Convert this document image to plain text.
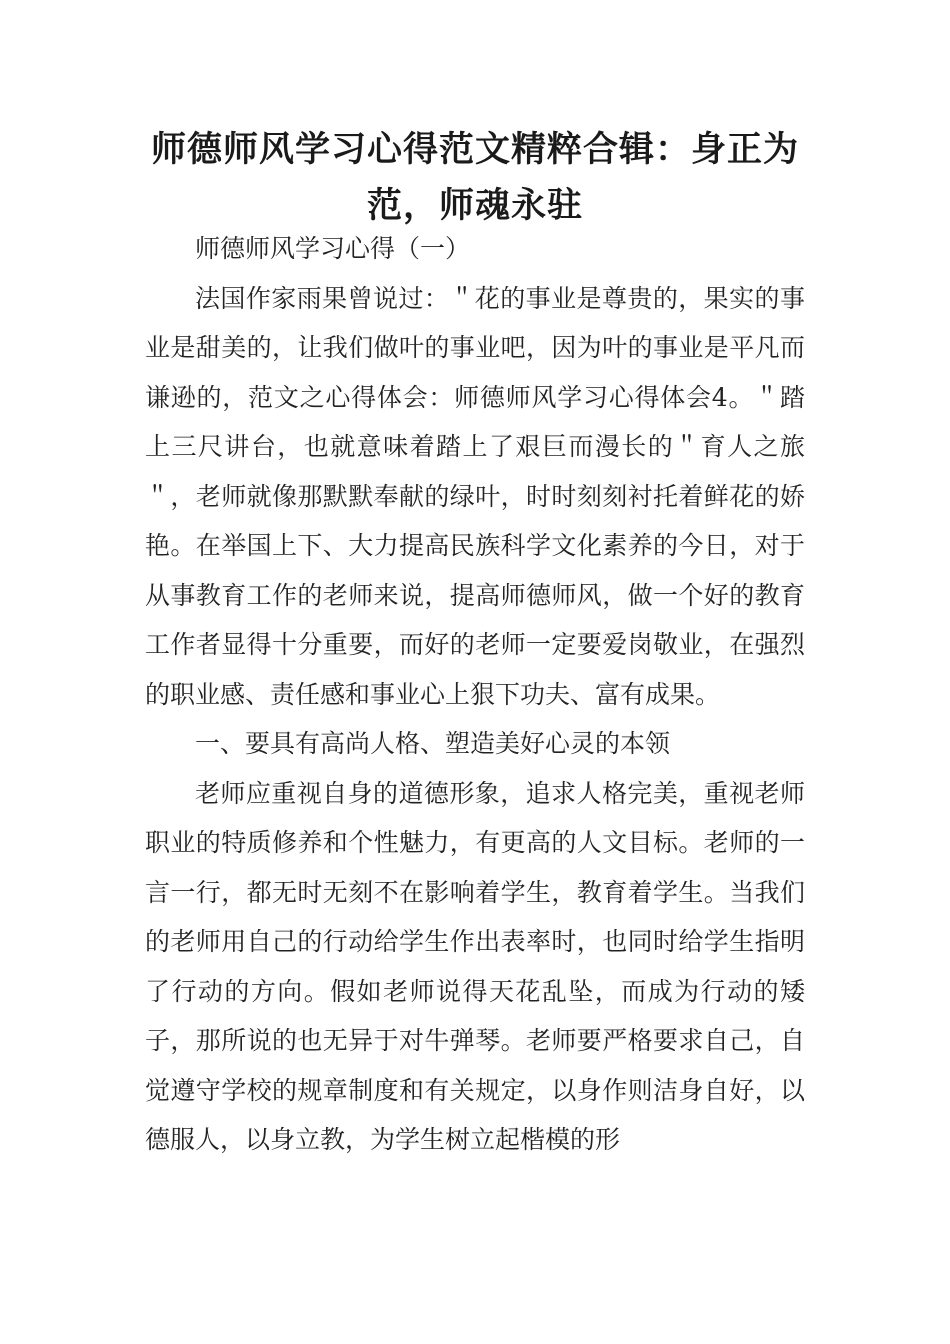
师德师风学习心得范文精粹合辑：身正为范，师魂永驻

师德师风学习心得（一）

法国作家雨果曾说过：＂花的事业是尊贵的，果实的事业是甜美的，让我们做叶的事业吧，因为叶的事业是平凡而谦逊的，范文之心得体会：师德师风学习心得体会4。＂踏上三尺讲台，也就意味着踏上了艰巨而漫长的＂育人之旅＂，老师就像那默默奉献的绿叶，时时刻刻衬托着鲜花的娇艳。在举国上下、大力提高民族科学文化素养的今日，对于从事教育工作的老师来说，提高师德师风，做一个好的教育工作者显得十分重要，而好的老师一定要爱岗敬业，在强烈的职业感、责任感和事业心上狠下功夫、富有成果。

一、要具有高尚人格、塑造美好心灵的本领

老师应重视自身的道德形象，追求人格完美，重视老师职业的特质修养和个性魅力，有更高的人文目标。老师的一言一行，都无时无刻不在影响着学生，教育着学生。当我们的老师用自己的行动给学生作出表率时，也同时给学生指明了行动的方向。假如老师说得天花乱坠，而成为行动的矮子，那所说的也无异于对牛弹琴。老师要严格要求自己，自觉遵守学校的规章制度和有关规定，以身作则洁身自好，以德服人，以身立教，为学生树立起楷模的形
